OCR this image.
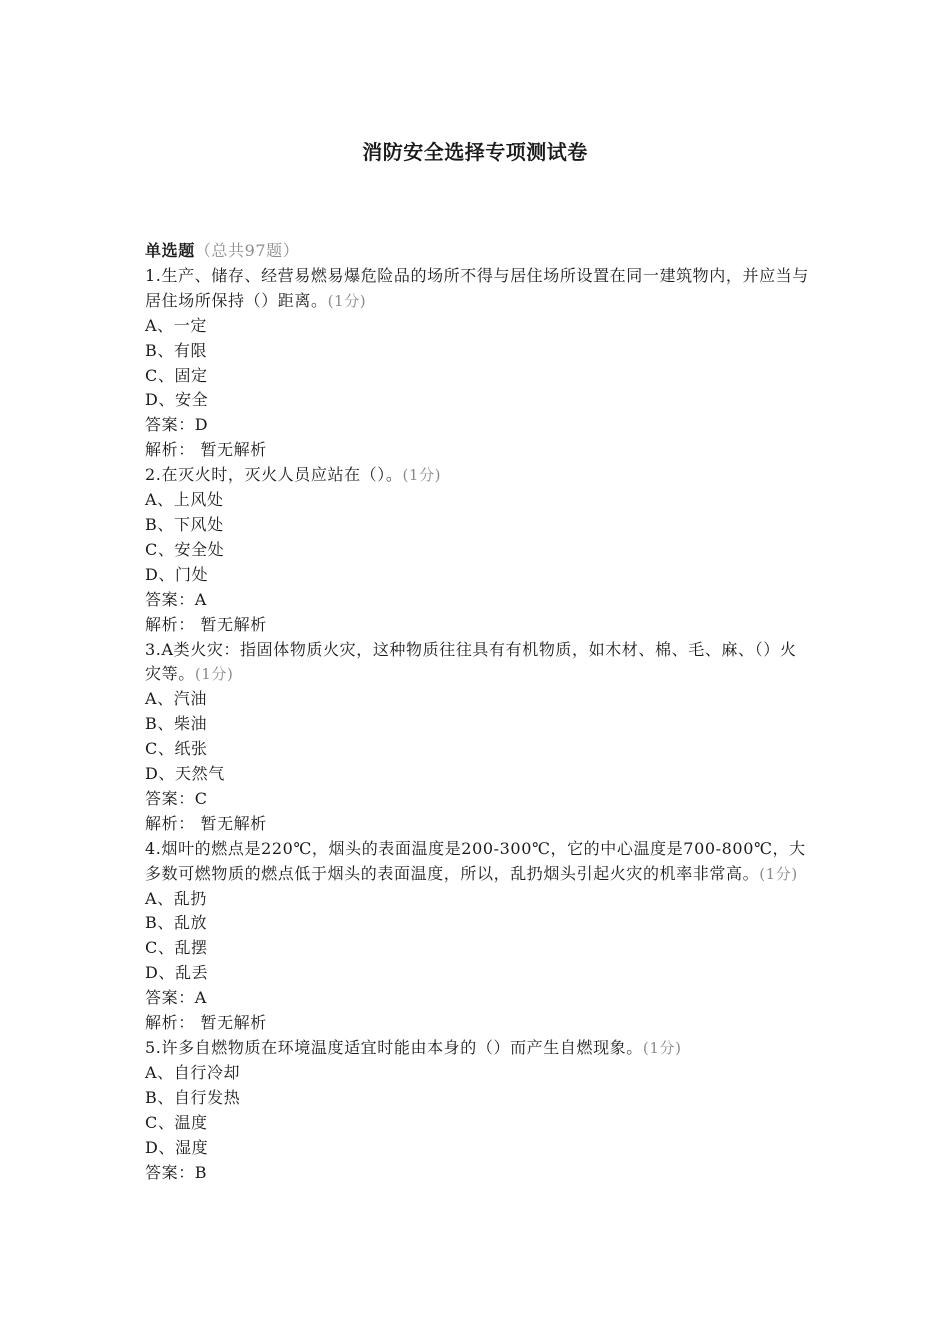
消防安全选择专项测试卷
单选题（总共97题）
1.生产、储存、经营易燃易爆危险品的场所不得与居住场所设置在同一建筑物内，并应当与居住场所保持（）距离。(1分)
A、一定
B、有限
C、固定
D、安全
答案：D
解析： 暂无解析
2.在灭火时，灭火人员应站在（）。(1分)
A、上风处
B、下风处
C、安全处
D、门处
答案：A
解析： 暂无解析
3.A类火灾：指固体物质火灾，这种物质往往具有有机物质，如木材、棉、毛、麻、（）火灾等。(1分)
A、汽油
B、柴油
C、纸张
D、天然气
答案：C
解析： 暂无解析
4.烟叶的燃点是220℃，烟头的表面温度是200-300℃，它的中心温度是700-800℃，大多数可燃物质的燃点低于烟头的表面温度，所以，乱扔烟头引起火灾的机率非常高。(1分)
A、乱扔
B、乱放
C、乱摆
D、乱丢
答案：A
解析： 暂无解析
5.许多自燃物质在环境温度适宜时能由本身的（）而产生自燃现象。(1分)
A、自行冷却
B、自行发热
C、温度
D、湿度
答案：B
